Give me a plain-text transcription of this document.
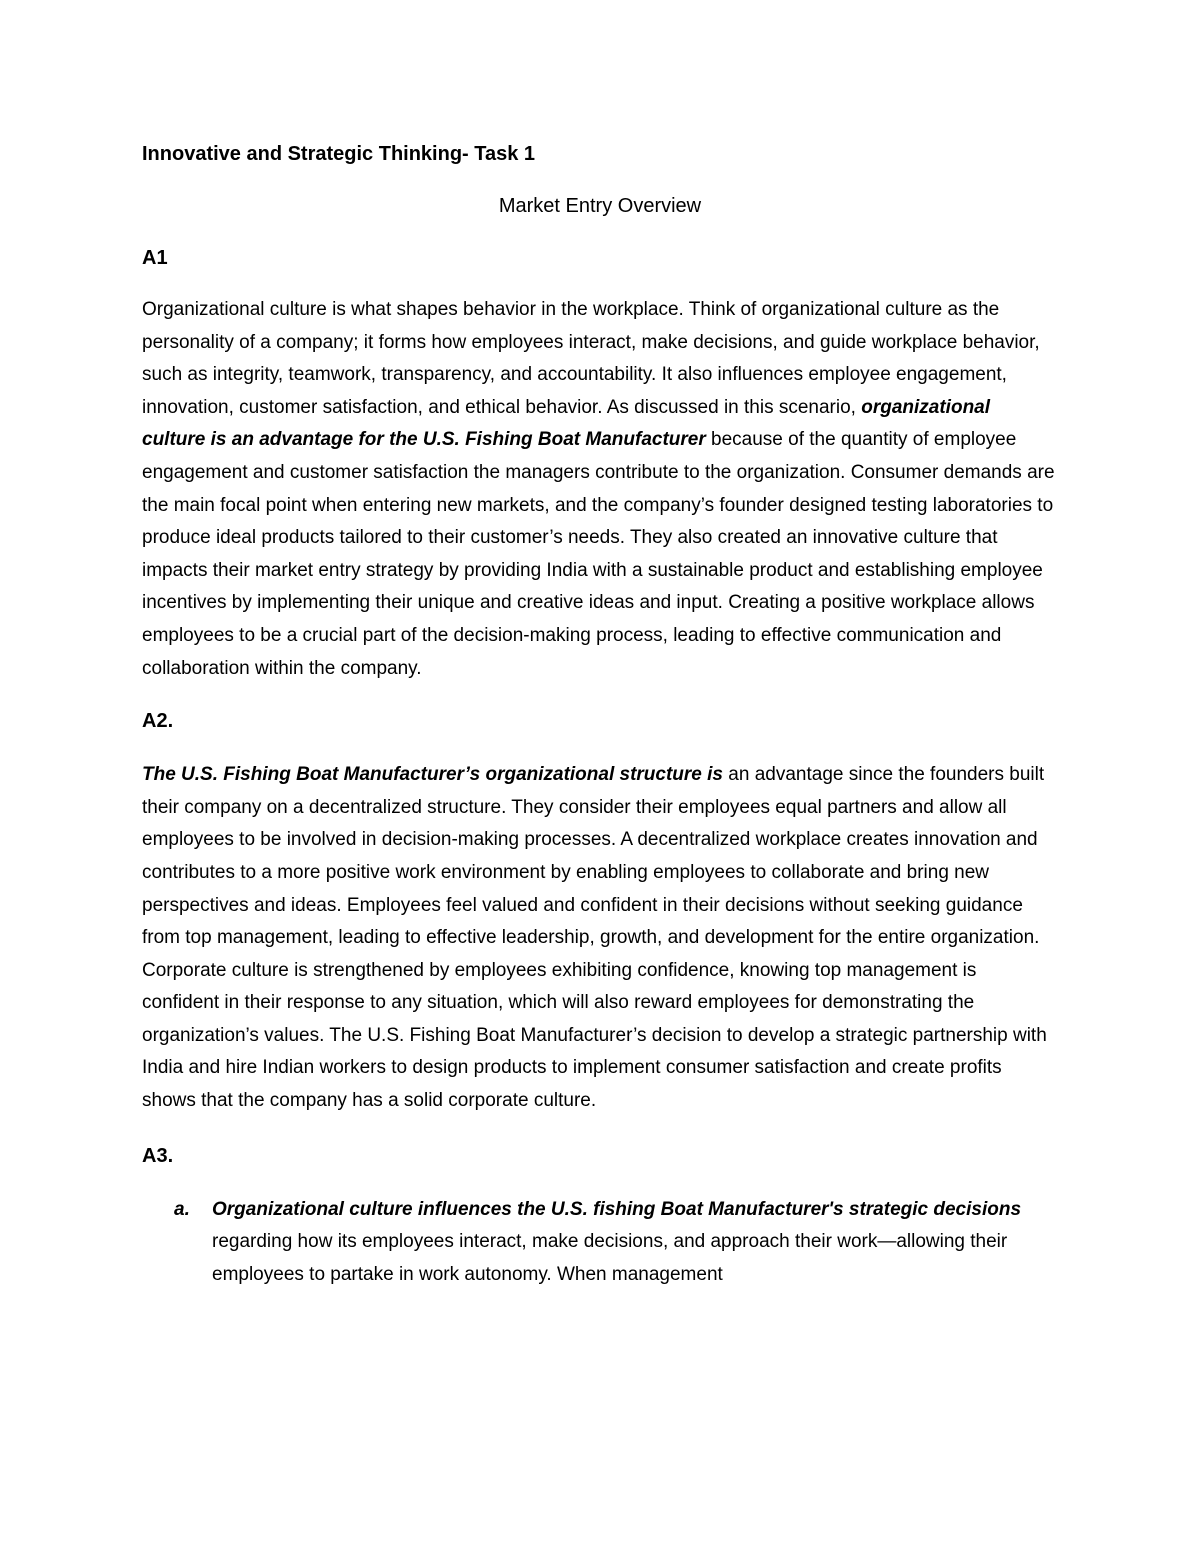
Innovative and Strategic Thinking- Task 1

Market Entry Overview

A1

Organizational culture is what shapes behavior in the workplace. Think of organizational culture as the personality of a company; it forms how employees interact, make decisions, and guide workplace behavior, such as integrity, teamwork, transparency, and accountability. It also influences employee engagement, innovation, customer satisfaction, and ethical behavior. As discussed in this scenario, organizational culture is an advantage for the U.S. Fishing Boat Manufacturer because of the quantity of employee engagement and customer satisfaction the managers contribute to the organization. Consumer demands are the main focal point when entering new markets, and the company’s founder designed testing laboratories to produce ideal products tailored to their customer’s needs. They also created an innovative culture that impacts their market entry strategy by providing India with a sustainable product and establishing employee incentives by implementing their unique and creative ideas and input. Creating a positive workplace allows employees to be a crucial part of the decision-making process, leading to effective communication and collaboration within the company.

A2.

The U.S. Fishing Boat Manufacturer’s organizational structure is an advantage since the founders built their company on a decentralized structure. They consider their employees equal partners and allow all employees to be involved in decision-making processes. A decentralized workplace creates innovation and contributes to a more positive work environment by enabling employees to collaborate and bring new perspectives and ideas. Employees feel valued and confident in their decisions without seeking guidance from top management, leading to effective leadership, growth, and development for the entire organization. Corporate culture is strengthened by employees exhibiting confidence, knowing top management is confident in their response to any situation, which will also reward employees for demonstrating the organization’s values. The U.S. Fishing Boat Manufacturer’s decision to develop a strategic partnership with India and hire Indian workers to design products to implement consumer satisfaction and create profits shows that the company has a solid corporate culture.

A3.

a. Organizational culture influences the U.S. fishing Boat Manufacturer's strategic decisions regarding how its employees interact, make decisions, and approach their work—allowing their employees to partake in work autonomy. When management
